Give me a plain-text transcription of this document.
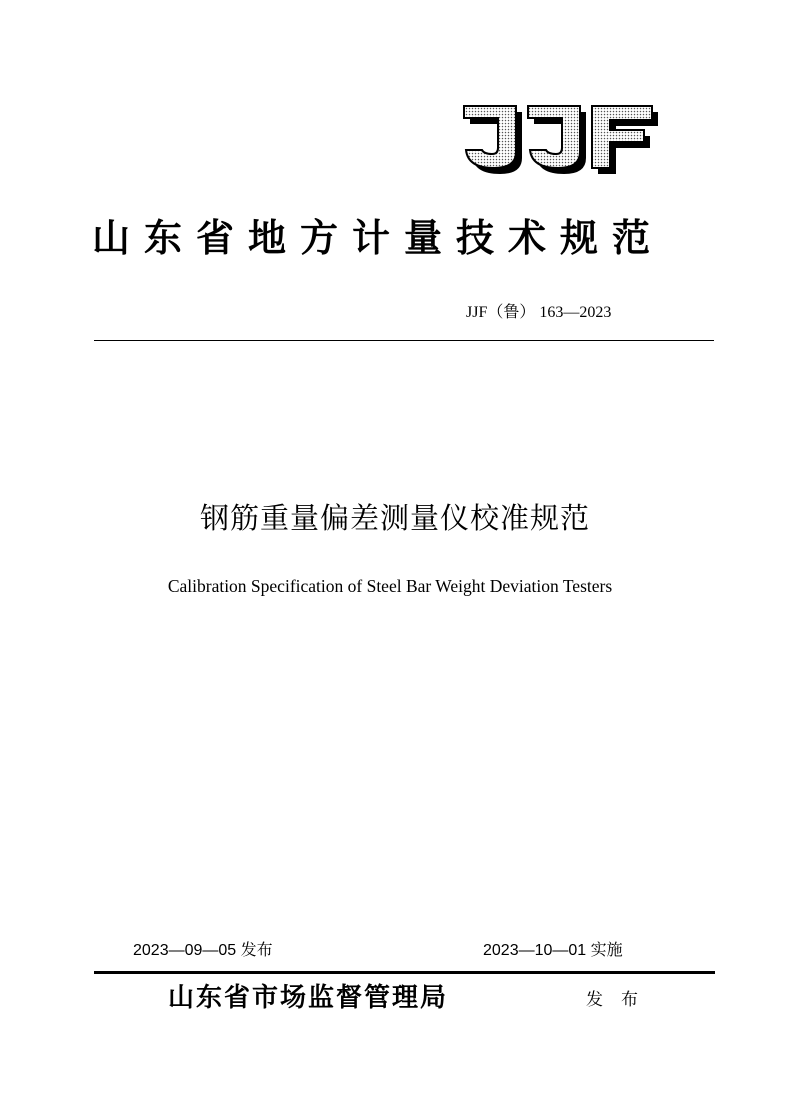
山东省地方计量技术规范
JJF（鲁） 163—2023
钢筋重量偏差测量仪校准规范
Calibration Specification of Steel Bar Weight Deviation Testers
2023—09—05 发布	2023—10—01 实施
山东省市场监督管理局	发布
